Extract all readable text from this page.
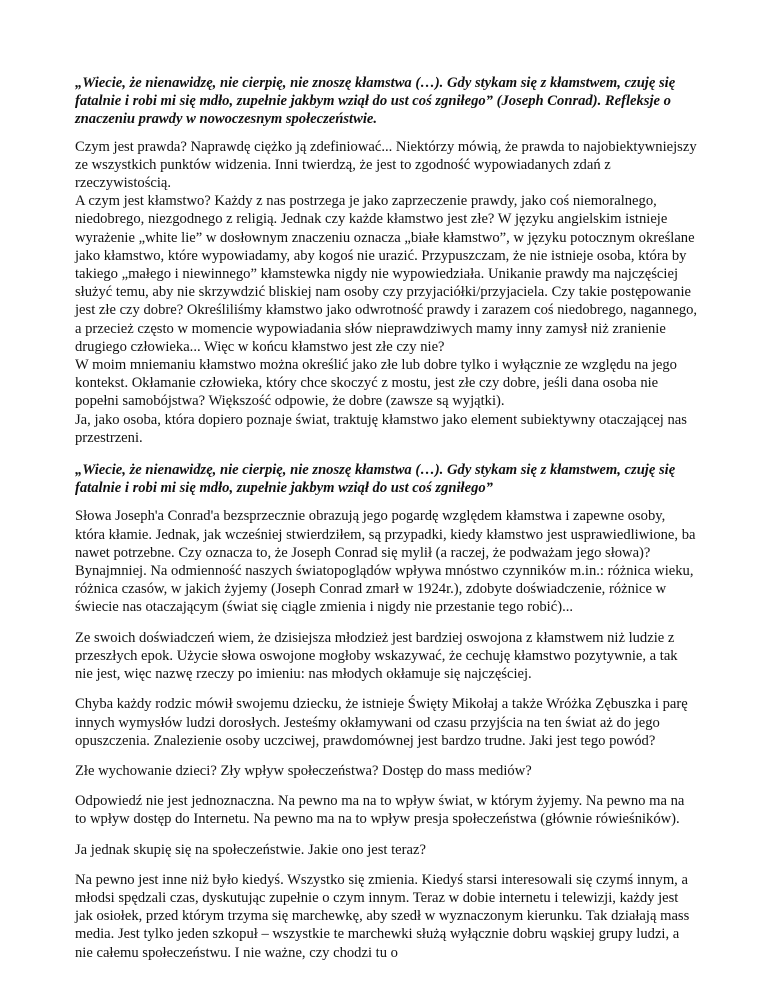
„Wiecie, że nienawidzę, nie cierpię, nie znoszę kłamstwa (…). Gdy stykam się z kłamstwem, czuję się fatalnie i robi mi się mdło, zupełnie jakbym wziął do ust coś zgniłego” (Joseph Conrad). Refleksje o znaczeniu prawdy w nowoczesnym społeczeństwie.

Czym jest prawda? Naprawdę ciężko ją zdefiniować... Niektórzy mówią, że prawda to najobiektywniejszy ze wszystkich punktów widzenia. Inni twierdzą, że jest to zgodność wypowiadanych zdań z rzeczywistością.

A czym jest kłamstwo? Każdy z nas postrzega je jako zaprzeczenie prawdy, jako coś niemoralnego, niedobrego, niezgodnego z religią. Jednak czy każde kłamstwo jest złe? W języku angielskim istnieje wyrażenie „white lie” w dosłownym znaczeniu oznacza „białe kłamstwo”, w języku potocznym określane jako kłamstwo, które wypowiadamy, aby kogoś nie urazić. Przypuszczam, że nie istnieje osoba, która by takiego „małego i niewinnego” kłamstewka nigdy nie wypowiedziała. Unikanie prawdy ma najczęściej służyć temu, aby nie skrzywdzić bliskiej nam osoby czy przyjaciółki/przyjaciela. Czy takie postępowanie jest złe czy dobre? Określiliśmy kłamstwo jako odwrotność prawdy i zarazem coś niedobrego, nagannego, a przecież często w momencie wypowiadania słów nieprawdziwych mamy inny zamysł niż zranienie drugiego człowieka... Więc w końcu kłamstwo jest złe czy nie?

W moim mniemaniu kłamstwo można określić jako złe lub dobre tylko i wyłącznie ze względu na jego kontekst. Okłamanie człowieka, który chce skoczyć z mostu, jest złe czy dobre, jeśli dana osoba nie popełni samobójstwa? Większość odpowie, że dobre (zawsze są wyjątki).

Ja, jako osoba, która dopiero poznaje świat, traktuję kłamstwo jako element subiektywny otaczającej nas przestrzeni.

„Wiecie, że nienawidzę, nie cierpię, nie znoszę kłamstwa (…). Gdy stykam się z kłamstwem, czuję się fatalnie i robi mi się mdło, zupełnie jakbym wziął do ust coś zgniłego”

Słowa Joseph'a Conrad'a bezsprzecznie obrazują jego pogardę względem kłamstwa i zapewne osoby, która kłamie. Jednak, jak wcześniej stwierdziłem, są przypadki, kiedy kłamstwo jest usprawiedliwione, ba nawet potrzebne. Czy oznacza to, że Joseph Conrad się mylił (a raczej, że podważam jego słowa)? Bynajmniej. Na odmienność naszych światopoglądów wpływa mnóstwo czynników m.in.: różnica wieku, różnica czasów, w jakich żyjemy (Joseph Conrad zmarł w 1924r.), zdobyte doświadczenie, różnice w świecie nas otaczającym (świat się ciągle zmienia i nigdy nie przestanie tego robić)...

Ze swoich doświadczeń wiem, że dzisiejsza młodzież jest bardziej oswojona z kłamstwem niż ludzie z przeszłych epok. Użycie słowa oswojone mogłoby wskazywać, że cechuję kłamstwo pozytywnie, a tak nie jest, więc nazwę rzeczy po imieniu: nas młodych okłamuje się najczęściej.

Chyba każdy rodzic mówił swojemu dziecku, że istnieje Święty Mikołaj a także Wróżka Zębuszka i parę innych wymysłów ludzi dorosłych. Jesteśmy okłamywani od czasu przyjścia na ten świat aż do jego opuszczenia. Znalezienie osoby uczciwej, prawdomównej jest bardzo trudne. Jaki jest tego powód?

Złe wychowanie dzieci? Zły wpływ społeczeństwa? Dostęp do mass mediów?

Odpowiedź nie jest jednoznaczna. Na pewno ma na to wpływ świat, w którym żyjemy. Na pewno ma na to wpływ dostęp do Internetu. Na pewno ma na to wpływ presja społeczeństwa (głównie rówieśników).

Ja jednak skupię się na społeczeństwie. Jakie ono jest teraz?

Na pewno jest inne niż było kiedyś. Wszystko się zmienia. Kiedyś starsi interesowali się czymś innym, a młodsi spędzali czas, dyskutując zupełnie o czym innym. Teraz w dobie internetu i telewizji, każdy jest jak osiołek, przed którym trzyma się marchewkę, aby szedł w wyznaczonym kierunku. Tak działają mass media. Jest tylko jeden szkopuł – wszystkie te marchewki służą wyłącznie dobru wąskiej grupy ludzi, a nie całemu społeczeństwu. I nie ważne, czy chodzi tu o
